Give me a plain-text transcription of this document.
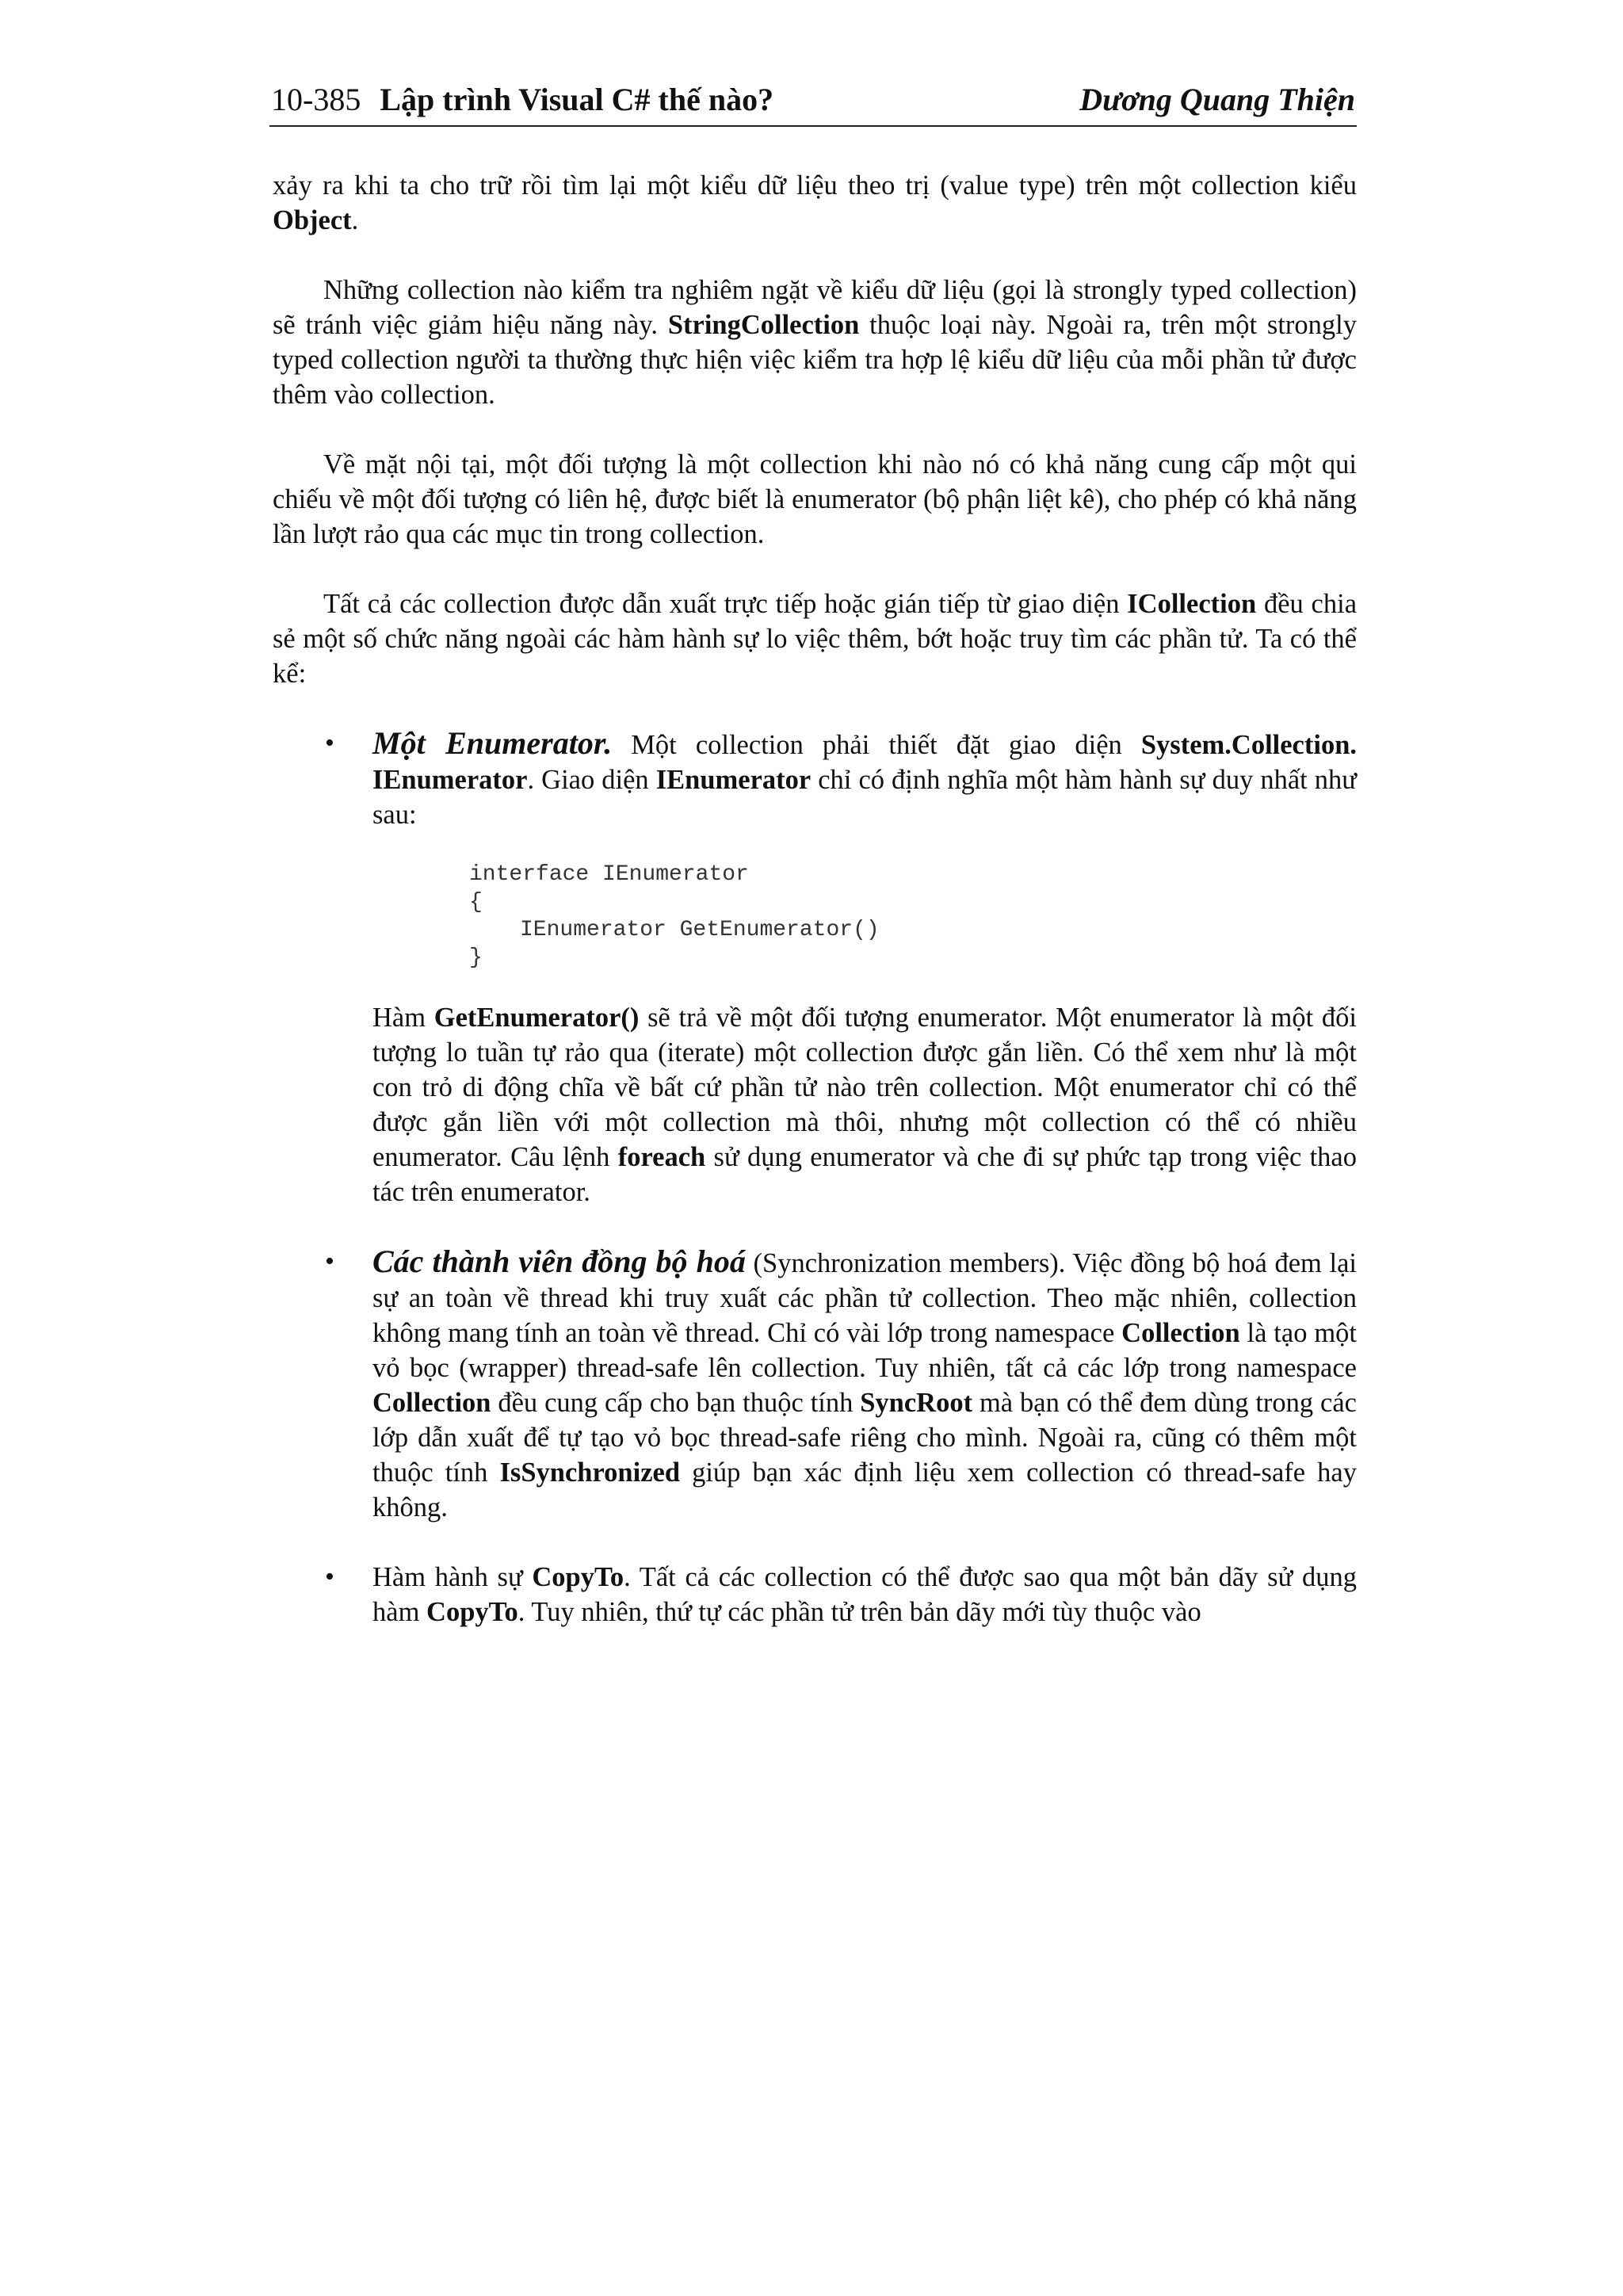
10-385 Lập trình Visual C# thế nào?	Dương Quang Thiện

xảy ra khi ta cho trữ rồi tìm lại một kiểu dữ liệu theo trị (value type) trên một collection kiểu Object.

Những collection nào kiểm tra nghiêm ngặt về kiểu dữ liệu (gọi là strongly typed collection) sẽ tránh việc giảm hiệu năng này. StringCollection thuộc loại này. Ngoài ra, trên một strongly typed collection người ta thường thực hiện việc kiểm tra hợp lệ kiểu dữ liệu của mỗi phần tử được thêm vào collection.

Về mặt nội tại, một đối tượng là một collection khi nào nó có khả năng cung cấp một qui chiếu về một đối tượng có liên hệ, được biết là enumerator (bộ phận liệt kê), cho phép có khả năng lần lượt rảo qua các mục tin trong collection.

Tất cả các collection được dẫn xuất trực tiếp hoặc gián tiếp từ giao diện ICollection đều chia sẻ một số chức năng ngoài các hàm hành sự lo việc thêm, bớt hoặc truy tìm các phần tử. Ta có thể kể:

• Một Enumerator. Một collection phải thiết đặt giao diện System.Collection. IEnumerator. Giao diện IEnumerator chỉ có định nghĩa một hàm hành sự duy nhất như sau:
interface IEnumerator
{
IEnumerator GetEnumerator()
}
Hàm GetEnumerator() sẽ trả về một đối tượng enumerator. Một enumerator là một đối tượng lo tuần tự rảo qua (iterate) một collection được gắn liền. Có thể xem như là một con trỏ di động chĩa về bất cứ phần tử nào trên collection. Một enumerator chỉ có thể được gắn liền với một collection mà thôi, nhưng một collection có thể có nhiều enumerator. Câu lệnh foreach sử dụng enumerator và che đi sự phức tạp trong việc thao tác trên enumerator.
• Các thành viên đồng bộ hoá (Synchronization members). Việc đồng bộ hoá đem lại sự an toàn về thread khi truy xuất các phần tử collection. Theo mặc nhiên, collection không mang tính an toàn về thread. Chỉ có vài lớp trong namespace Collection là tạo một vỏ bọc (wrapper) thread-safe lên collection. Tuy nhiên, tất cả các lớp trong namespace Collection đều cung cấp cho bạn thuộc tính SyncRoot mà bạn có thể đem dùng trong các lớp dẫn xuất để tự tạo vỏ bọc thread-safe riêng cho mình. Ngoài ra, cũng có thêm một thuộc tính IsSynchronized giúp bạn xác định liệu xem collection có thread-safe hay không.
• Hàm hành sự CopyTo. Tất cả các collection có thể được sao qua một bản dãy sử dụng hàm CopyTo. Tuy nhiên, thứ tự các phần tử trên bản dãy mới tùy thuộc vào
